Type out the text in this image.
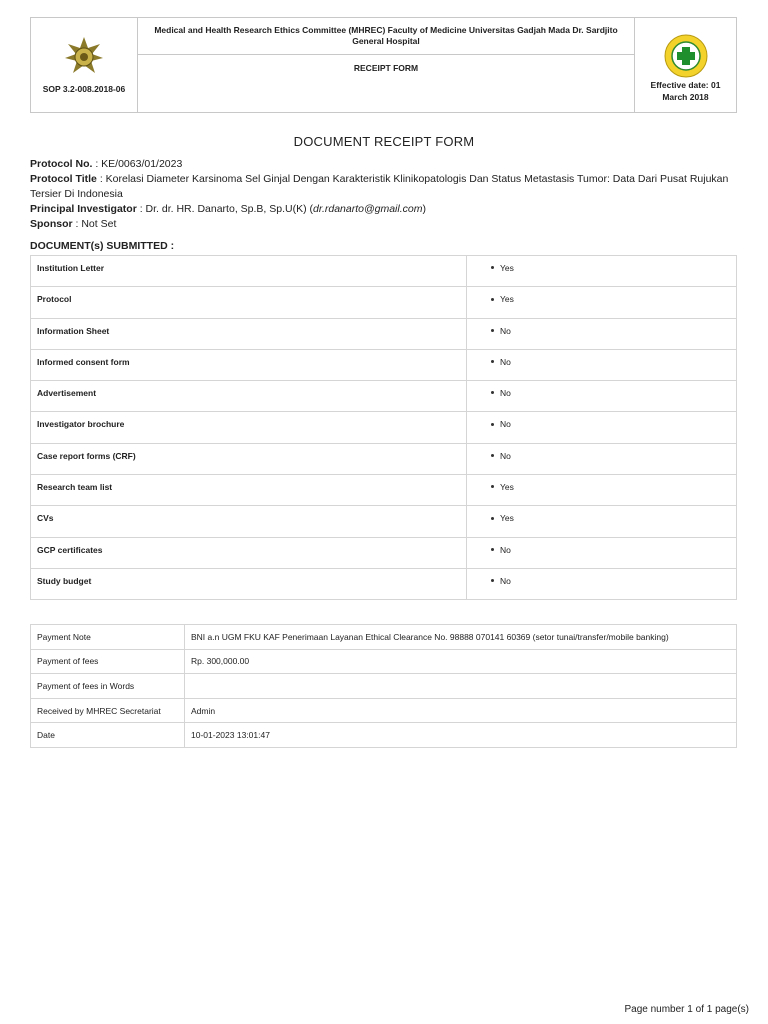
SOP 3.2-008.2018-06
Medical and Health Research Ethics Committee (MHREC) Faculty of Medicine Universitas Gadjah Mada Dr. Sardjito General Hospital
RECEIPT FORM
Effective date: 01
March 2018
DOCUMENT RECEIPT FORM

Protocol No. : KE/0063/01/2023

Protocol Title : Korelasi Diameter Karsinoma Sel Ginjal Dengan Karakteristik Klinikopatologis Dan Status Metastasis Tumor: Data Dari Pusat Rujukan Tersier Di Indonesia

Principal Investigator : Dr. dr. HR. Danarto, Sp.B, Sp.U(K) (dr.rdanarto@gmail.com)

Sponsor : Not Set

DOCUMENT(s) SUBMITTED :
Institution Letter	Yes
Protocol	Yes
Information Sheet	No
Informed consent form	No
Advertisement	No
Investigator brochure	No
Case report forms (CRF)	No
Research team list	Yes
CVs	Yes
GCP certificates	No
Study budget	No
Payment Note	BNI a.n UGM FKU KAF Penerimaan Layanan Ethical Clearance No. 98888 070141 60369 (setor tunai/transfer/mobile banking)
Payment of fees	Rp. 300,000.00
Payment of fees in Words	
Received by MHREC Secretariat	Admin
Date	10-01-2023 13:01:47
Page number 1 of 1 page(s)
